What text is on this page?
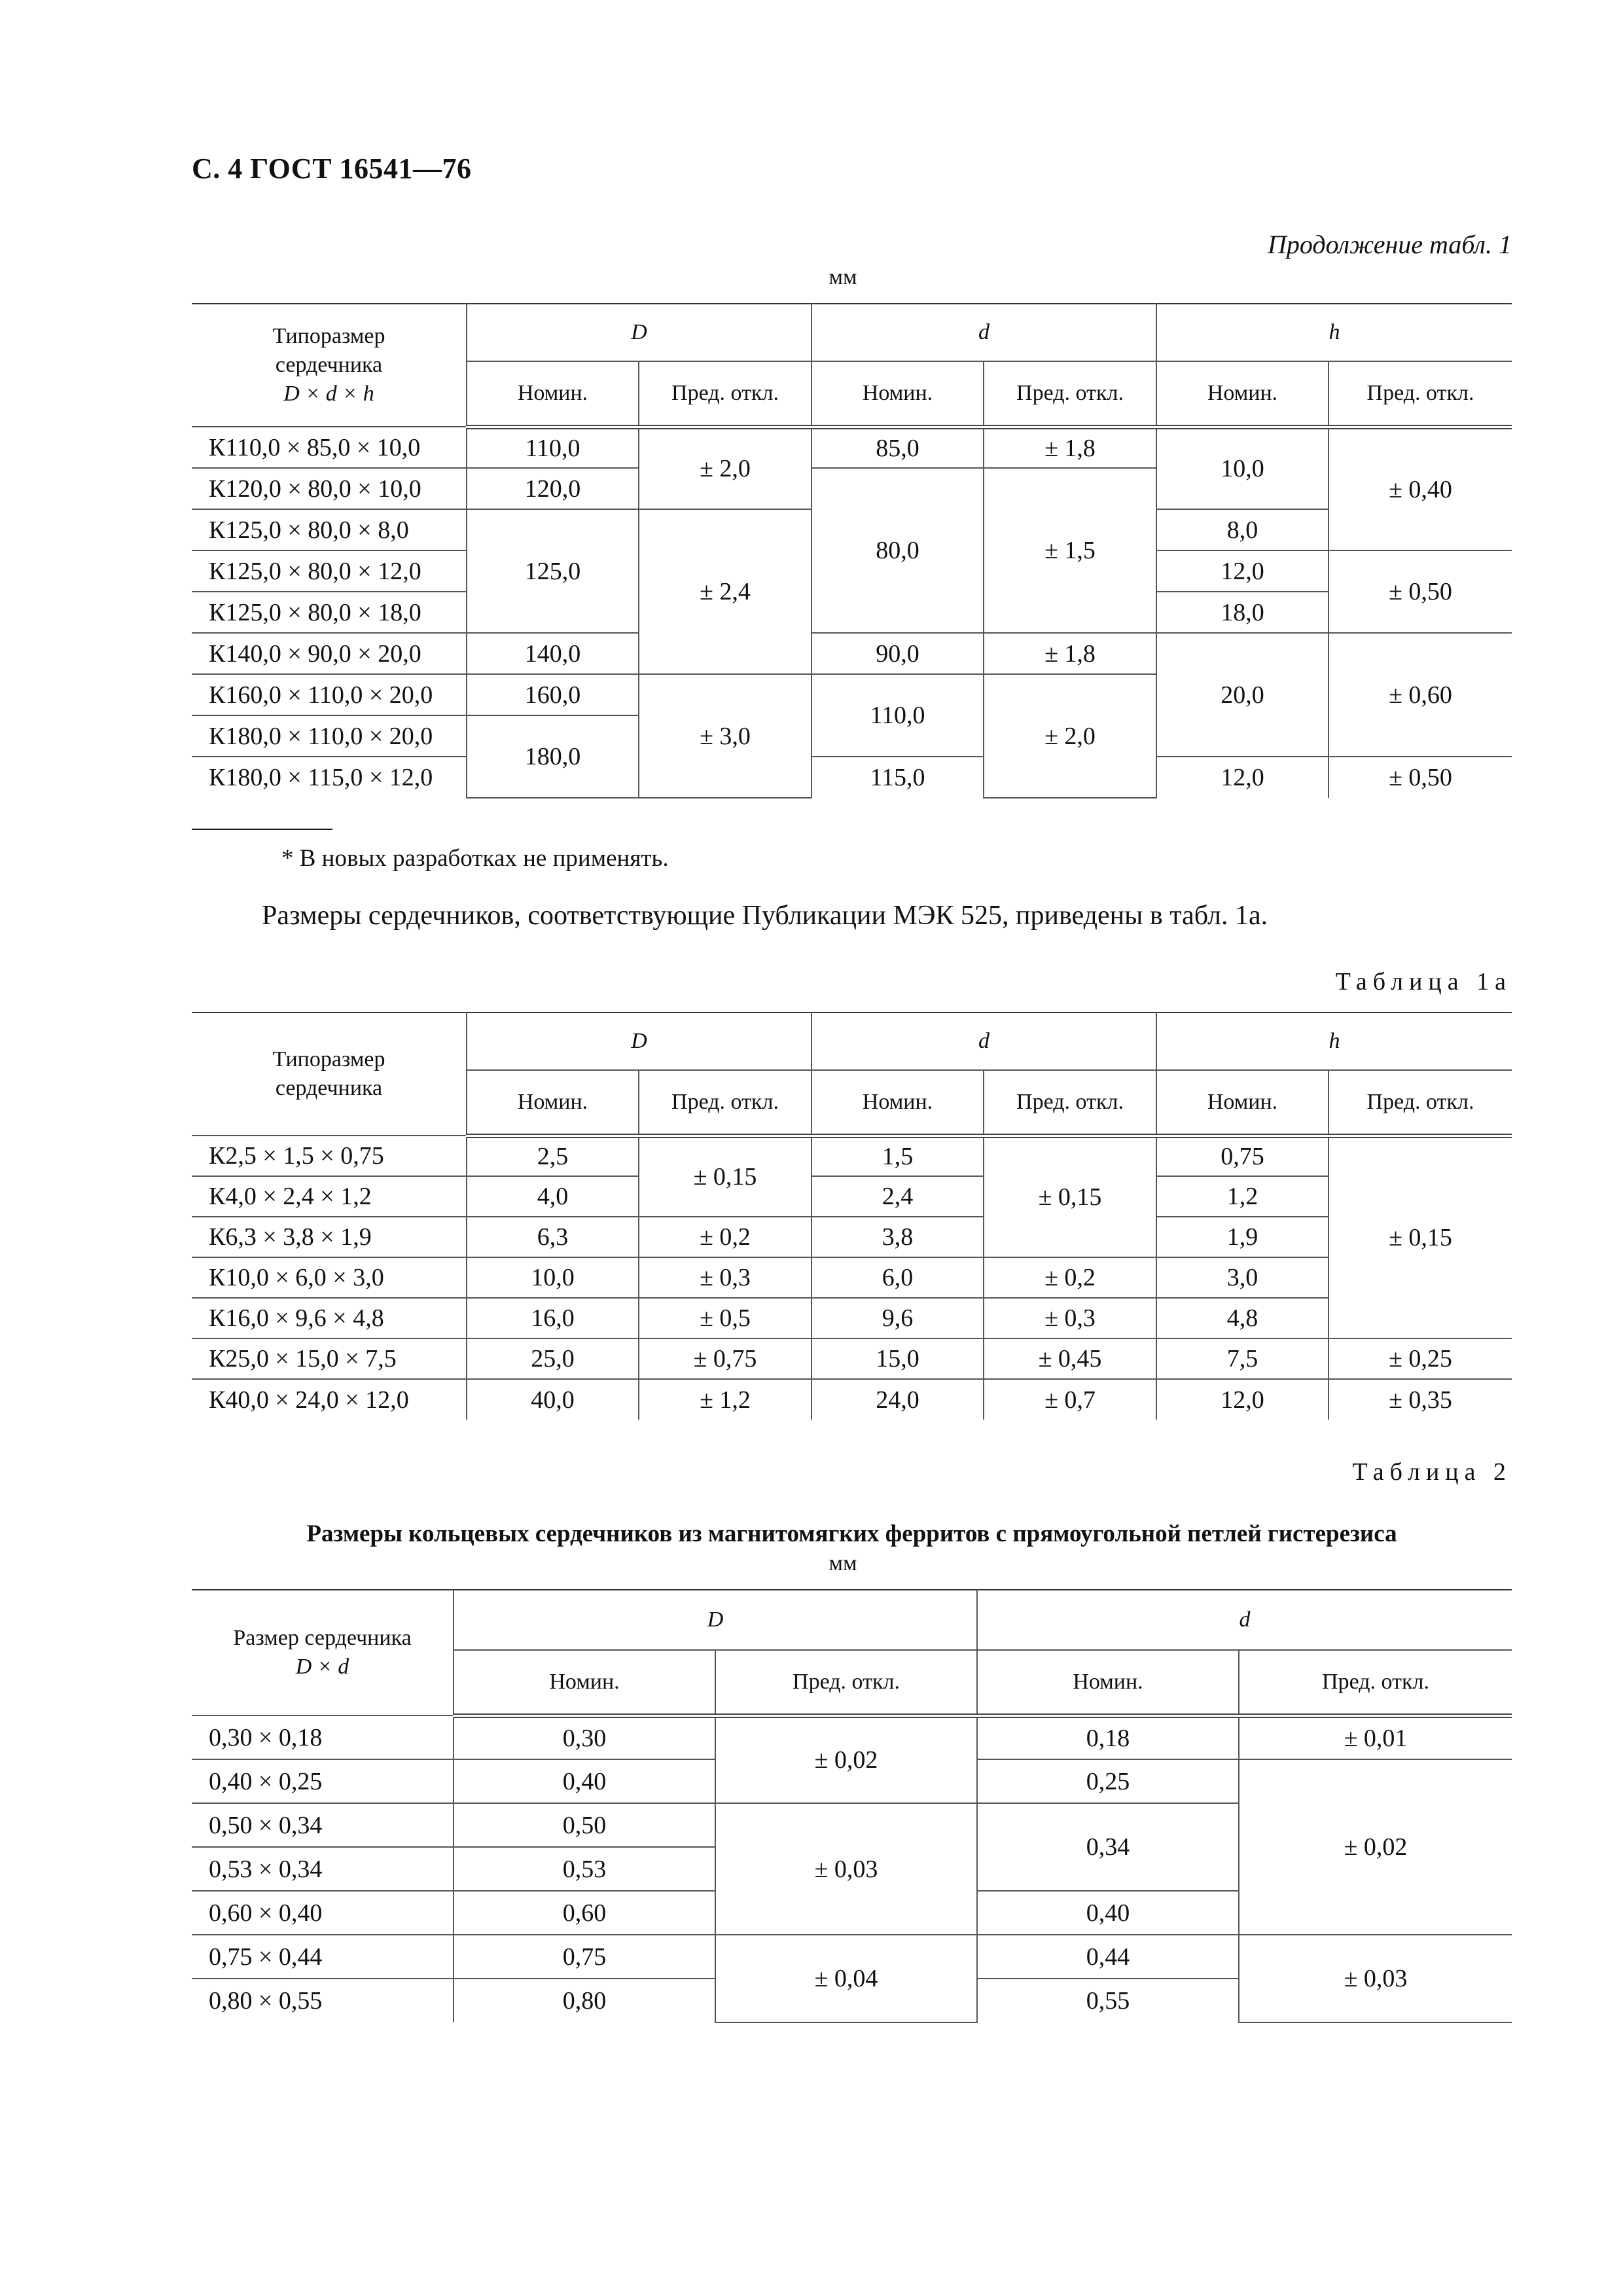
С. 4 ГОСТ 16541—76
Продолжение табл. 1
мм
Типоразмер
сердечника
D × d × h	D		d		h	
	Номин.	Пред. откл.	Номин.	Пред. откл.	Номин.	Пред. откл.
К110,0 × 85,0 × 10,0	110,0	± 2,0	85,0	± 1,8	10,0	± 0,40
К120,0 × 80,0 × 10,0	120,0		80,0	± 1,5		
К125,0 × 80,0 × 8,0	125,0	± 2,4			8,0	
К125,0 × 80,0 × 12,0					12,0	± 0,50
К125,0 × 80,0 × 18,0					18,0	
К140,0 × 90,0 × 20,0	140,0		90,0	± 1,8	20,0	± 0,60
К160,0 × 110,0 × 20,0	160,0	± 3,0	110,0	± 2,0		
К180,0 × 110,0 × 20,0	180,0					
К180,0 × 115,0 × 12,0			115,0		12,0	± 0,50
* В новых разработках не применять.
Размеры сердечников, соответствующие Публикации МЭК 525, приведены в табл. 1а.
Таблица 1а
Типоразмер
сердечника	D		d		h	
	Номин.	Пред. откл.	Номин.	Пред. откл.	Номин.	Пред. откл.
К2,5 × 1,5 × 0,75	2,5	± 0,15	1,5	± 0,15	0,75	± 0,15
К4,0 × 2,4 × 1,2	4,0		2,4		1,2	
К6,3 × 3,8 × 1,9	6,3	± 0,2	3,8		1,9	
К10,0 × 6,0 × 3,0	10,0	± 0,3	6,0	± 0,2	3,0	
К16,0 × 9,6 × 4,8	16,0	± 0,5	9,6	± 0,3	4,8	
К25,0 × 15,0 × 7,5	25,0	± 0,75	15,0	± 0,45	7,5	± 0,25
К40,0 × 24,0 × 12,0	40,0	± 1,2	24,0	± 0,7	12,0	± 0,35
Таблица 2
Размеры кольцевых сердечников из магнитомягких ферритов с прямоугольной петлей гистерезиса
мм
Размер сердечника
D × d	D		d	
	Номин.	Пред. откл.	Номин.	Пред. откл.
0,30 × 0,18	0,30	± 0,02	0,18	± 0,01
0,40 × 0,25	0,40		0,25	± 0,02
0,50 × 0,34	0,50	± 0,03	0,34	
0,53 × 0,34	0,53			
0,60 × 0,40	0,60		0,40	
0,75 × 0,44	0,75	± 0,04	0,44	± 0,03
0,80 × 0,55	0,80		0,55	
